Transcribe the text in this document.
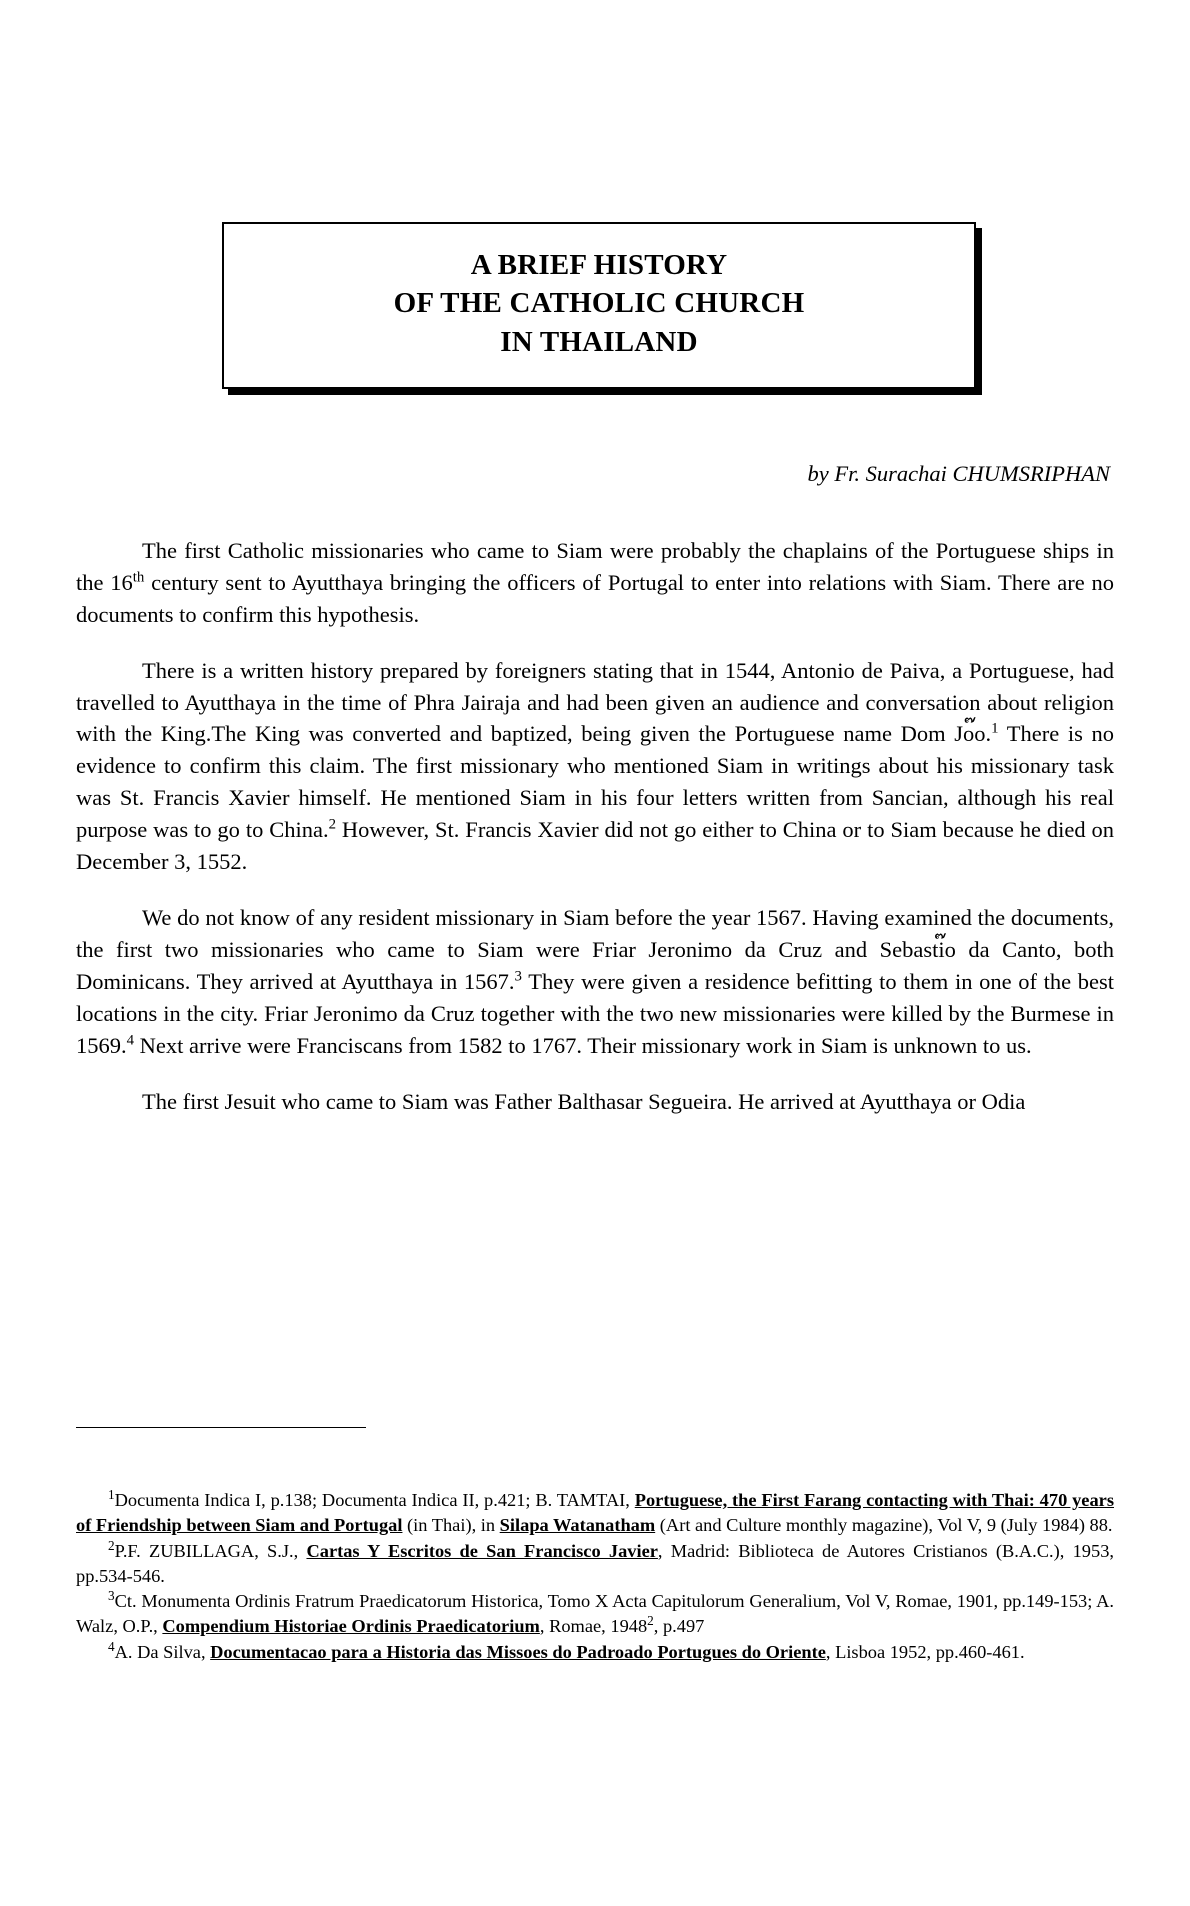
A BRIEF HISTORY
OF THE CATHOLIC CHURCH
IN THAILAND
by Fr. Surachai CHUMSRIPHAN

The first Catholic missionaries who came to Siam were probably the chaplains of the Portuguese ships in the 16th century sent to Ayutthaya bringing the officers of Portugal to enter into relations with Siam. There are no documents to confirm this hypothesis.

There is a written history prepared by foreigners stating that in 1544, Antonio de Paiva, a Portuguese, had travelled to Ayutthaya in the time of Phra Jairaja and had been given an audience and conversation about religion with the King.The King was converted and baptized, being given the Portuguese name Dom Jo๊o.$^1$ There is no evidence to confirm this claim. The first missionary who mentioned Siam in writings about his missionary task was St. Francis Xavier himself. He mentioned Siam in his four letters written from Sancian, although his real purpose was to go to China.$^2$ However, St. Francis Xavier did not go either to China or to Siam because he died on December 3, 1552.

We do not know of any resident missionary in Siam before the year 1567. Having examined the documents, the first two missionaries who came to Siam were Friar Jeronimo da Cruz and Sebasti๊o da Canto, both Dominicans. They arrived at Ayutthaya in 1567.$^3$ They were given a residence befitting to them in one of the best locations in the city. Friar Jeronimo da Cruz together with the two new missionaries were killed by the Burmese in 1569.$^4$ Next arrive were Franciscans from 1582 to 1767. Their missionary work in Siam is unknown to us.

The first Jesuit who came to Siam was Father Balthasar Segueira. He arrived at Ayutthaya or Odia

$^1$Documenta Indica I, p.138; Documenta Indica II, p.421; B. TAMTAI, Portuguese, the First Farang contacting with Thai: 470 years of Friendship between Siam and Portugal (in Thai), in Silapa Watanatham (Art and Culture monthly magazine), Vol V, 9 (July 1984) 88.

$^2$P.F. ZUBILLAGA, S.J., Cartas Y Escritos de San Francisco Javier, Madrid: Biblioteca de Autores Cristianos (B.A.C.), 1953, pp.534-546.

$^3$Ct. Monumenta Ordinis Fratrum Praedicatorum Historica, Tomo X Acta Capitulorum Generalium, Vol V, Romae, 1901, pp.149-153; A. Walz, O.P., Compendium Historiae Ordinis Praedicatorium, Romae, 1948$^2$, p.497

$^4$A. Da Silva, Documentacao para a Historia das Missoes do Padroado Portugues do Oriente, Lisboa 1952, pp.460-461.
